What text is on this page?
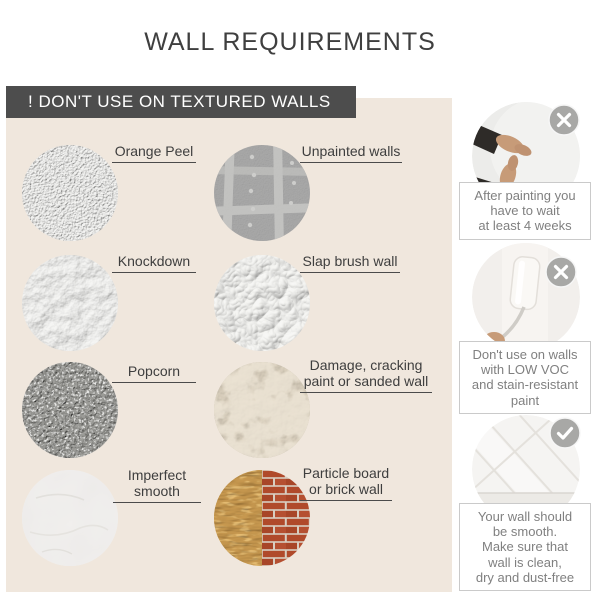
WALL REQUIREMENTS
! DON'T USE ON TEXTURED WALLS
Orange Peel	Unpainted walls
Knockdown	Slap brush wall
Popcorn	Damage, cracking
paint or sanded wall
Imperfect
smooth
Particle board
or brick wall
After painting you
have to wait
at least 4 weeks
Don't use on walls
with LOW VOC
and stain-resistant
paint
Your wall should
be smooth.
Make sure that
wall is clean,
dry and dust-free
